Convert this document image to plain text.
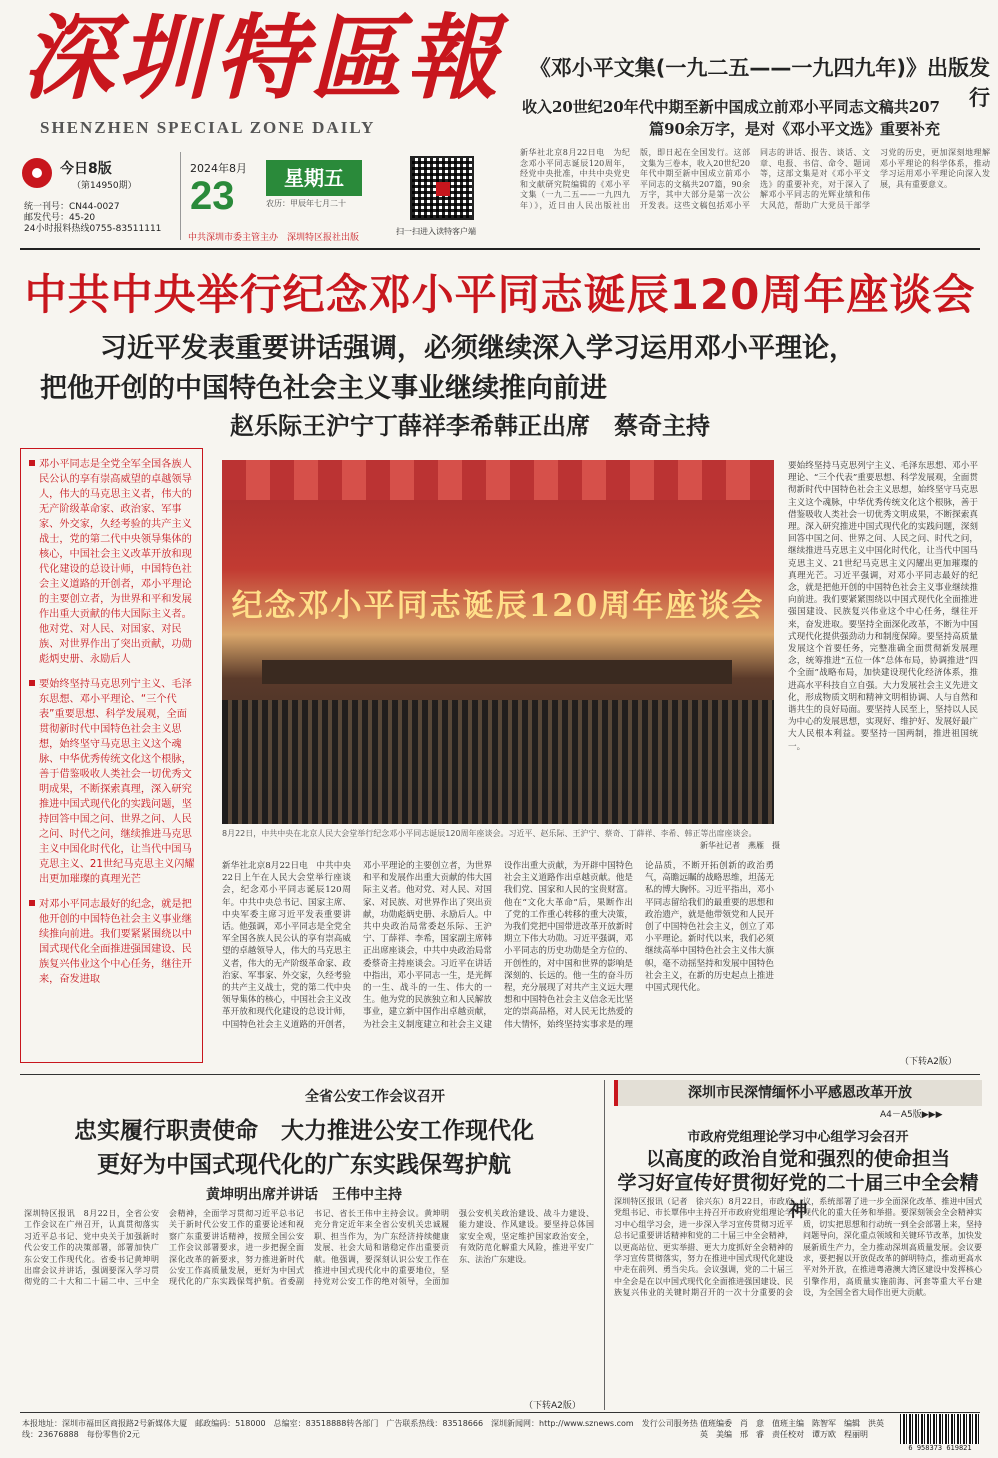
深圳特區報
SHENZHEN SPECIAL ZONE DAILY
今日8版
（第14950期）
统一刊号：CN44-0027
邮发代号：45-20
24小时报料热线0755-83511111
2024年8月
23	星期五
农历：甲辰年七月二十
中共深圳市委主管主办　深圳特区报社出版
扫一扫进入读特客户端
《邓小平文集(一九二五——一九四九年)》出版发行
收入20世纪20年代中期至新中国成立前邓小平同志文稿共207篇90余万字，是对《邓小平文选》重要补充
新华社北京8月22日电　为纪念邓小平同志诞辰120周年，经党中央批准，中共中央党史和文献研究院编辑的《邓小平文集（一九二五——一九四九年）》，近日由人民出版社出版，即日起在全国发行。这部文集为三卷本，收入20世纪20年代中期至新中国成立前邓小平同志的文稿共207篇，90余万字，其中大部分是第一次公开发表。这些文稿包括邓小平同志的讲话、报告、谈话、文章、电报、书信、命令、题词等，这部文集是对《邓小平文选》的重要补充，对于深入了解邓小平同志的光辉业绩和伟大风范，帮助广大党员干部学习党的历史，更加深刻地理解邓小平理论的科学体系，推动学习运用邓小平理论向深入发展，具有重要意义。
中共中央举行纪念邓小平同志诞辰120周年座谈会
习近平发表重要讲话强调，必须继续深入学习运用邓小平理论，
把他开创的中国特色社会主义事业继续推向前进
赵乐际王沪宁丁薛祥李希韩正出席　蔡奇主持

邓小平同志是全党全军全国各族人民公认的享有崇高威望的卓越领导人，伟大的马克思主义者，伟大的无产阶级革命家、政治家、军事家、外交家，久经考验的共产主义战士，党的第二代中央领导集体的核心，中国社会主义改革开放和现代化建设的总设计师，中国特色社会主义道路的开创者，邓小平理论的主要创立者，为世界和平和发展作出重大贡献的伟大国际主义者。他对党、对人民、对国家、对民族、对世界作出了突出贡献，功勋彪炳史册、永励后人

要始终坚持马克思列宁主义、毛泽东思想、邓小平理论、“三个代表”重要思想、科学发展观，全面贯彻新时代中国特色社会主义思想，始终坚守马克思主义这个魂脉、中华优秀传统文化这个根脉，善于借鉴吸收人类社会一切优秀文明成果，不断探索真理，深入研究推进中国式现代化的实践问题，坚持回答中国之问、世界之问、人民之问、时代之问，继续推进马克思主义中国化时代化，让当代中国马克思主义、21世纪马克思主义闪耀出更加璀璨的真理光芒

对邓小平同志最好的纪念，就是把他开创的中国特色社会主义事业继续推向前进。我们要紧紧围绕以中国式现代化全面推进强国建设、民族复兴伟业这个中心任务，继往开来，奋发进取

纪念邓小平同志诞辰120周年座谈会
8月22日，中共中央在北京人民大会堂举行纪念邓小平同志诞辰120周年座谈会。习近平、赵乐际、王沪宁、蔡奇、丁薛祥、李希、韩正等出席座谈会。
新华社记者　燕雁　摄
新华社北京8月22日电　中共中央22日上午在人民大会堂举行座谈会，纪念邓小平同志诞辰120周年。中共中央总书记、国家主席、中央军委主席习近平发表重要讲话。他强调，邓小平同志是全党全军全国各族人民公认的享有崇高威望的卓越领导人，伟大的马克思主义者，伟大的无产阶级革命家、政治家、军事家、外交家，久经考验的共产主义战士，党的第二代中央领导集体的核心，中国社会主义改革开放和现代化建设的总设计师，中国特色社会主义道路的开创者，邓小平理论的主要创立者，为世界和平和发展作出重大贡献的伟大国际主义者。他对党、对人民、对国家、对民族、对世界作出了突出贡献，功勋彪炳史册、永励后人。中共中央政治局常委赵乐际、王沪宁、丁薛祥、李希，国家副主席韩正出席座谈会，中共中央政治局常委蔡奇主持座谈会。习近平在讲话中指出，邓小平同志一生，是光辉的一生、战斗的一生、伟大的一生。他为党的民族独立和人民解放事业，建立新中国作出卓越贡献，为社会主义制度建立和社会主义建设作出重大贡献，为开辟中国特色社会主义道路作出卓越贡献。他是我们党、国家和人民的宝贵财富。他在“文化大革命”后，果断作出了党的工作重心转移的重大决策，为我们党把中国带进改革开放新时期立下伟大功勋。习近平强调，邓小平同志的历史功勋是全方位的、开创性的，对中国和世界的影响是深刻的、长远的。他一生的奋斗历程，充分展现了对共产主义远大理想和中国特色社会主义信念无比坚定的崇高品格，对人民无比热爱的伟大情怀，始终坚持实事求是的理论品质，不断开拓创新的政治勇气，高瞻远瞩的战略思维，坦荡无私的博大胸怀。习近平指出，邓小平同志留给我们的最重要的思想和政治遗产，就是他带领党和人民开创了中国特色社会主义，创立了邓小平理论。新时代以来，我们必须继续高举中国特色社会主义伟大旗帜，毫不动摇坚持和发展中国特色社会主义，在新的历史起点上推进中国式现代化。
要始终坚持马克思列宁主义、毛泽东思想、邓小平理论、“三个代表”重要思想、科学发展观，全面贯彻新时代中国特色社会主义思想，始终坚守马克思主义这个魂脉，中华优秀传统文化这个根脉，善于借鉴吸收人类社会一切优秀文明成果，不断探索真理。深入研究推进中国式现代化的实践问题，深刻回答中国之问、世界之问、人民之问、时代之问，继续推进马克思主义中国化时代化，让当代中国马克思主义、21世纪马克思主义闪耀出更加璀璨的真理光芒。习近平强调，对邓小平同志最好的纪念，就是把他开创的中国特色社会主义事业继续推向前进。我们要紧紧围绕以中国式现代化全面推进强国建设、民族复兴伟业这个中心任务，继往开来，奋发进取。要坚持全面深化改革，不断为中国式现代化提供强劲动力和制度保障。要坚持高质量发展这个首要任务，完整准确全面贯彻新发展理念，统筹推进“五位一体”总体布局，协调推进“四个全面”战略布局，加快建设现代化经济体系，推进高水平科技自立自强。大力发展社会主义先进文化，形成物质文明和精神文明相协调、人与自然和谐共生的良好局面。要坚持人民至上，坚持以人民为中心的发展思想，实现好、维护好、发展好最广大人民根本利益。要坚持一国两制，推进祖国统一。
（下转A2版）
全省公安工作会议召开
忠实履行职责使命　大力推进公安工作现代化
更好为中国式现代化的广东实践保驾护航
黄坤明出席并讲话　王伟中主持
深圳特区报讯　8月22日，全省公安工作会议在广州召开，认真贯彻落实习近平总书记、党中央关于加强新时代公安工作的决策部署，部署加快广东公安工作现代化。省委书记黄坤明出席会议并讲话，强调要深入学习贯彻党的二十大和二十届二中、三中全会精神，全面学习贯彻习近平总书记关于新时代公安工作的重要论述和视察广东重要讲话精神，按照全国公安工作会议部署要求，进一步把握全面深化改革的新要求，努力推进新时代公安工作高质量发展，更好为中国式现代化的广东实践保驾护航。省委副书记、省长王伟中主持会议。黄坤明充分肯定近年来全省公安机关忠诚履职、担当作为，为广东经济持续健康发展、社会大局和谐稳定作出重要贡献。他强调，要深刻认识公安工作在推进中国式现代化中的重要地位，坚持党对公安工作的绝对领导，全面加强公安机关政治建设、战斗力建设、能力建设、作风建设。要坚持总体国家安全观，坚定维护国家政治安全，有效防范化解重大风险，推进平安广东、法治广东建设。
（下转A2版）
深圳市民深情缅怀小平感恩改革开放
A4－A5版▶▶▶
市政府党组理论学习中心组学习会召开
以高度的政治自觉和强烈的使命担当
学习好宣传好贯彻好党的二十届三中全会精神
深圳特区报讯（记者　徐兴东）8月22日，市政府党组书记、市长覃伟中主持召开市政府党组理论学习中心组学习会，进一步深入学习宣传贯彻习近平总书记重要讲话精神和党的二十届三中全会精神，以更高站位、更实举措、更大力度抓好全会精神的学习宣传贯彻落实，努力在推进中国式现代化建设中走在前列、勇当尖兵。会议强调，党的二十届三中全会是在以中国式现代化全面推进强国建设、民族复兴伟业的关键时期召开的一次十分重要的会议，系统部署了进一步全面深化改革、推进中国式现代化的重大任务和举措。要深刻领会全会精神实质，切实把思想和行动统一到全会部署上来，坚持问题导向，深化重点领域和关键环节改革，加快发展新质生产力，全力推动深圳高质量发展。会议要求，要把握以开放促改革的鲜明特点，推动更高水平对外开放，在推进粤港澳大湾区建设中发挥核心引擎作用，高质量实施前海、河套等重大平台建设，为全国全省大局作出更大贡献。
本报地址：深圳市福田区商报路2号新媒体大厦　邮政编码：518000　总编室：83518888转各部门　广告联系热线：83518666　深圳新闻网：http://www.sznews.com　发行公司服务热线：23676888　每份零售价2元
值班编委　肖　意　值班主编　陈智军　编辑　洪英英　美编　邢　睿　责任校对　谭万欧　程丽明
6 958373 619821
